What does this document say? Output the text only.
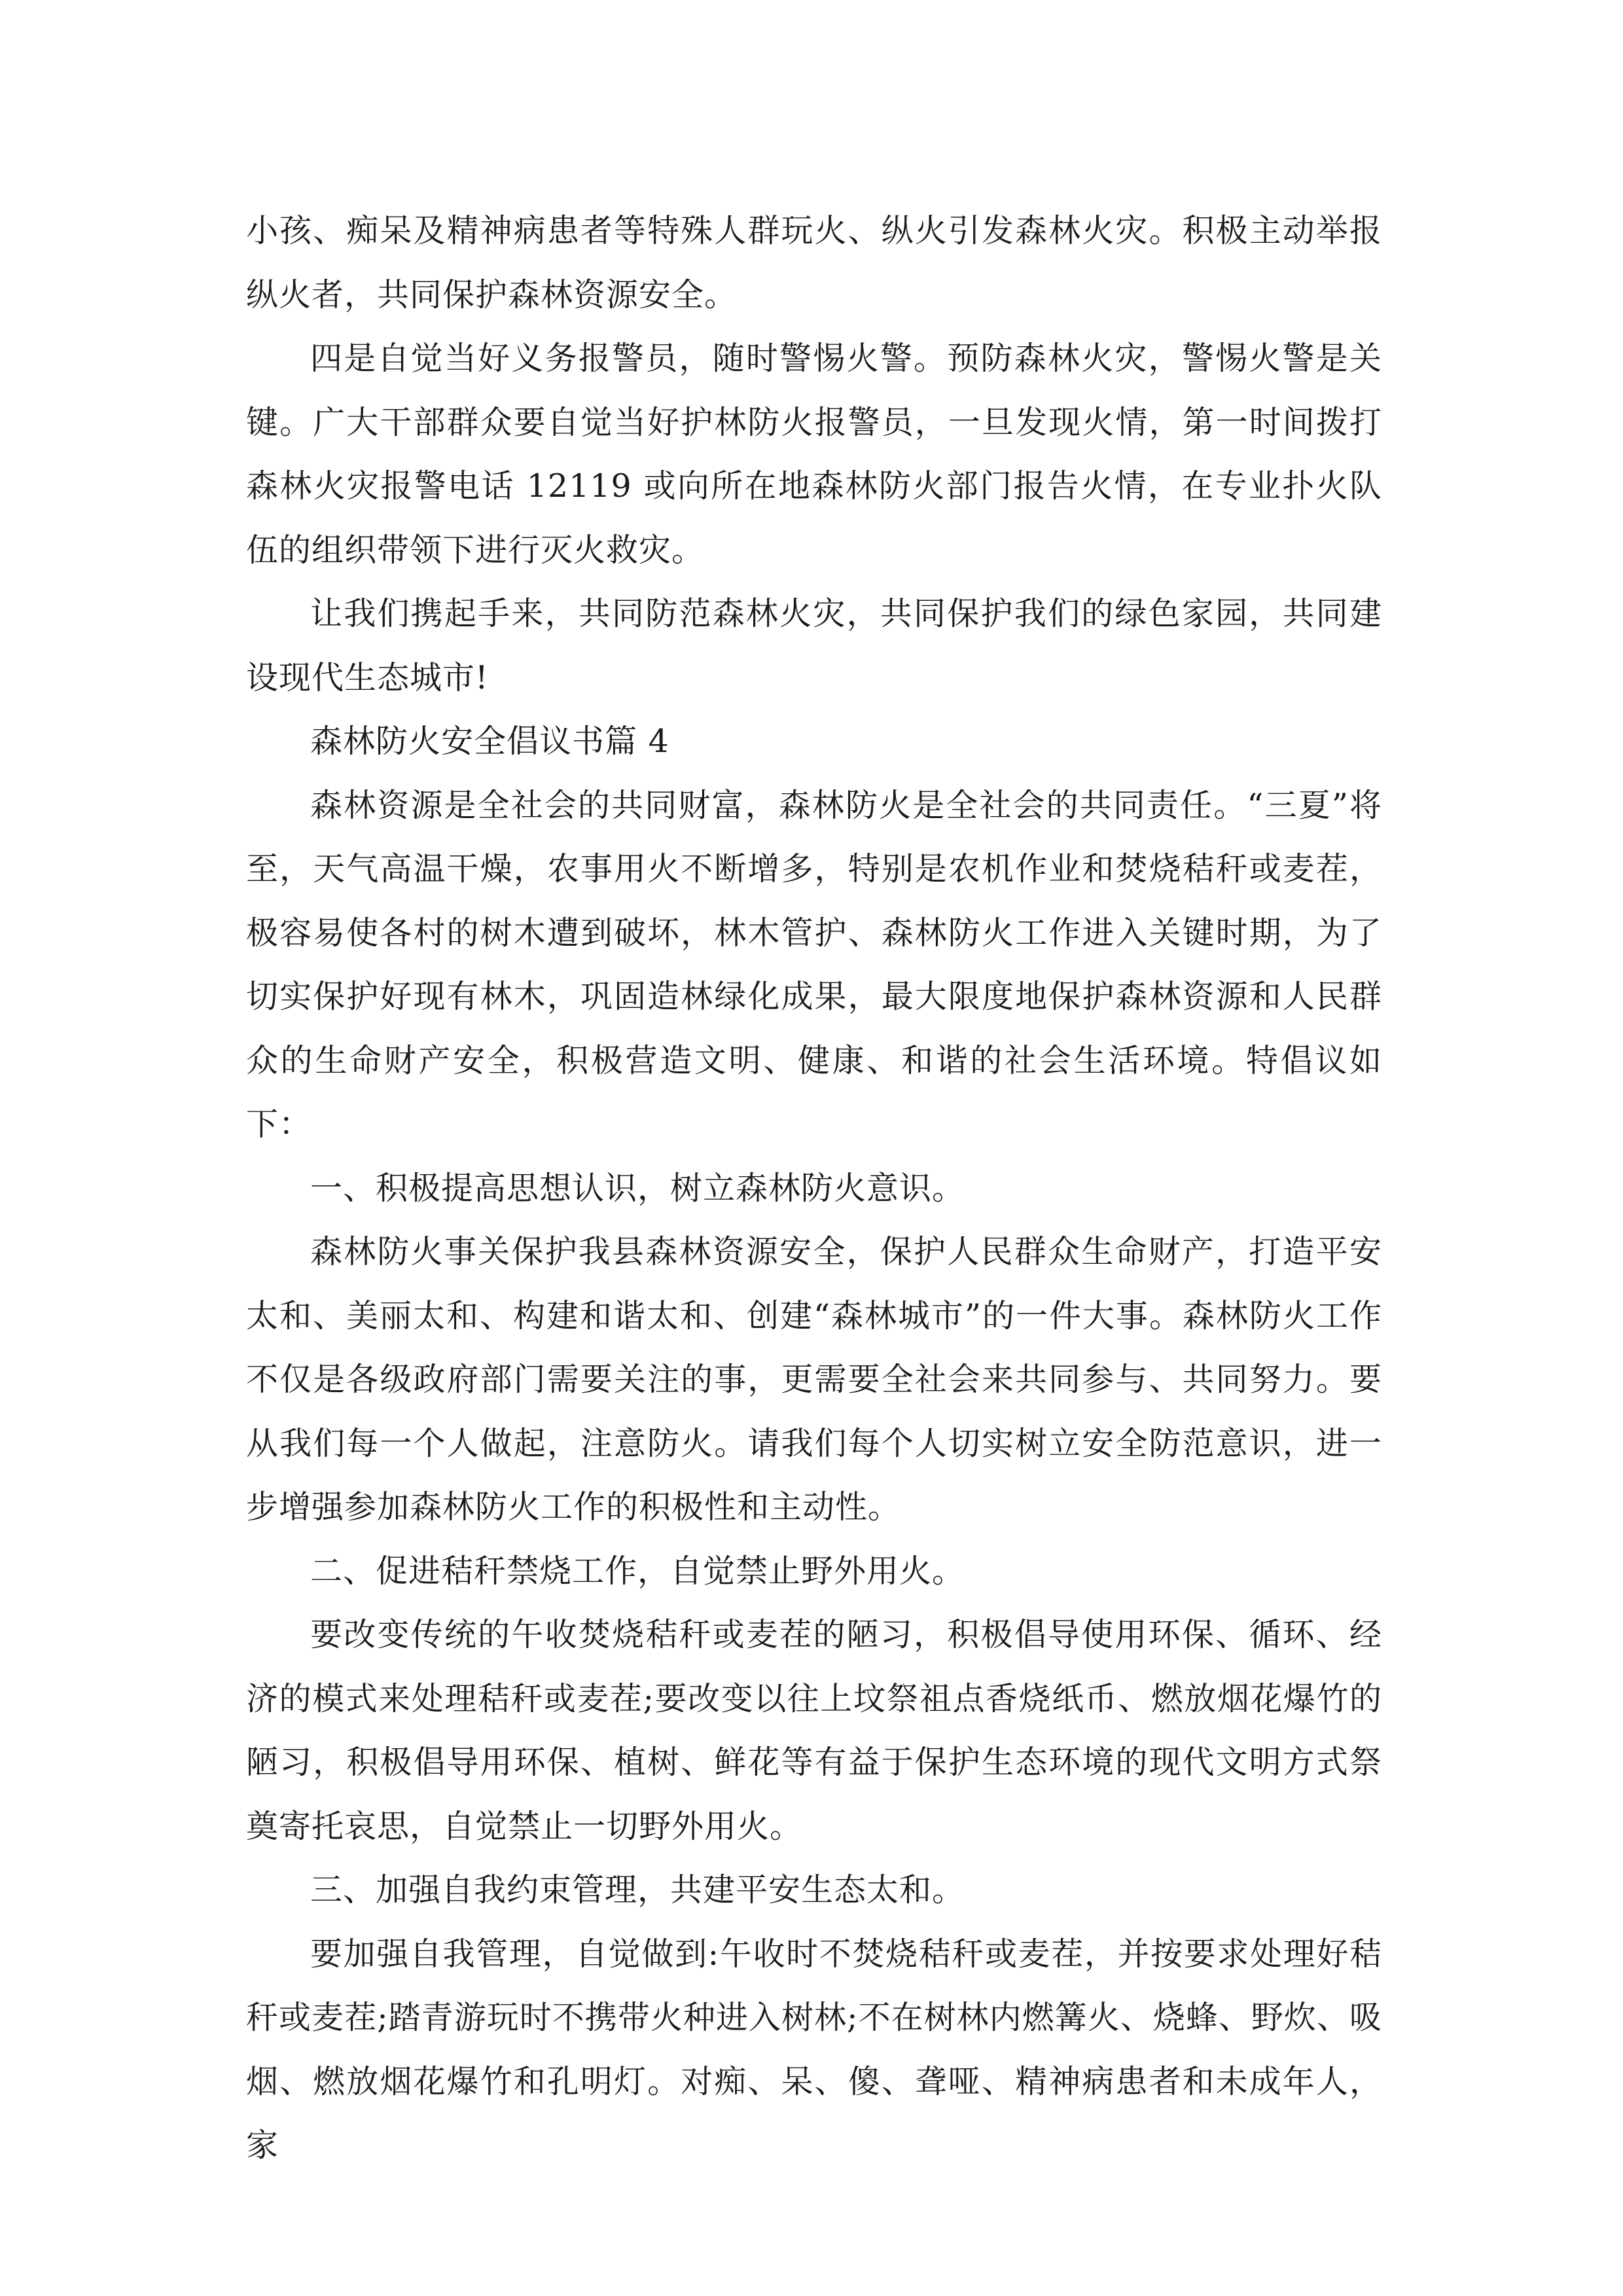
小孩、痴呆及精神病患者等特殊人群玩火、纵火引发森林火灾。积极主动举报纵火者，共同保护森林资源安全。

四是自觉当好义务报警员，随时警惕火警。预防森林火灾，警惕火警是关键。广大干部群众要自觉当好护林防火报警员，一旦发现火情，第一时间拨打森林火灾报警电话 12119 或向所在地森林防火部门报告火情，在专业扑火队伍的组织带领下进行灭火救灾。

让我们携起手来，共同防范森林火灾，共同保护我们的绿色家园，共同建设现代生态城市!

森林防火安全倡议书篇 4

森林资源是全社会的共同财富，森林防火是全社会的共同责任。“三夏”将至，天气高温干燥，农事用火不断增多，特别是农机作业和焚烧秸秆或麦茬，极容易使各村的树木遭到破坏，林木管护、森林防火工作进入关键时期，为了切实保护好现有林木，巩固造林绿化成果，最大限度地保护森林资源和人民群众的生命财产安全，积极营造文明、健康、和谐的社会生活环境。特倡议如下：

一、积极提高思想认识，树立森林防火意识。

森林防火事关保护我县森林资源安全，保护人民群众生命财产，打造平安太和、美丽太和、构建和谐太和、创建“森林城市”的一件大事。森林防火工作不仅是各级政府部门需要关注的事，更需要全社会来共同参与、共同努力。要从我们每一个人做起，注意防火。请我们每个人切实树立安全防范意识，进一步增强参加森林防火工作的积极性和主动性。

二、促进秸秆禁烧工作，自觉禁止野外用火。

要改变传统的午收焚烧秸秆或麦茬的陋习，积极倡导使用环保、循环、经济的模式来处理秸秆或麦茬;要改变以往上坟祭祖点香烧纸币、燃放烟花爆竹的陋习，积极倡导用环保、植树、鲜花等有益于保护生态环境的现代文明方式祭奠寄托哀思，自觉禁止一切野外用火。

三、加强自我约束管理，共建平安生态太和。

要加强自我管理，自觉做到:午收时不焚烧秸秆或麦茬，并按要求处理好秸秆或麦茬;踏青游玩时不携带火种进入树林;不在树林内燃篝火、烧蜂、野炊、吸烟、燃放烟花爆竹和孔明灯。对痴、呆、傻、聋哑、精神病患者和未成年人，家
